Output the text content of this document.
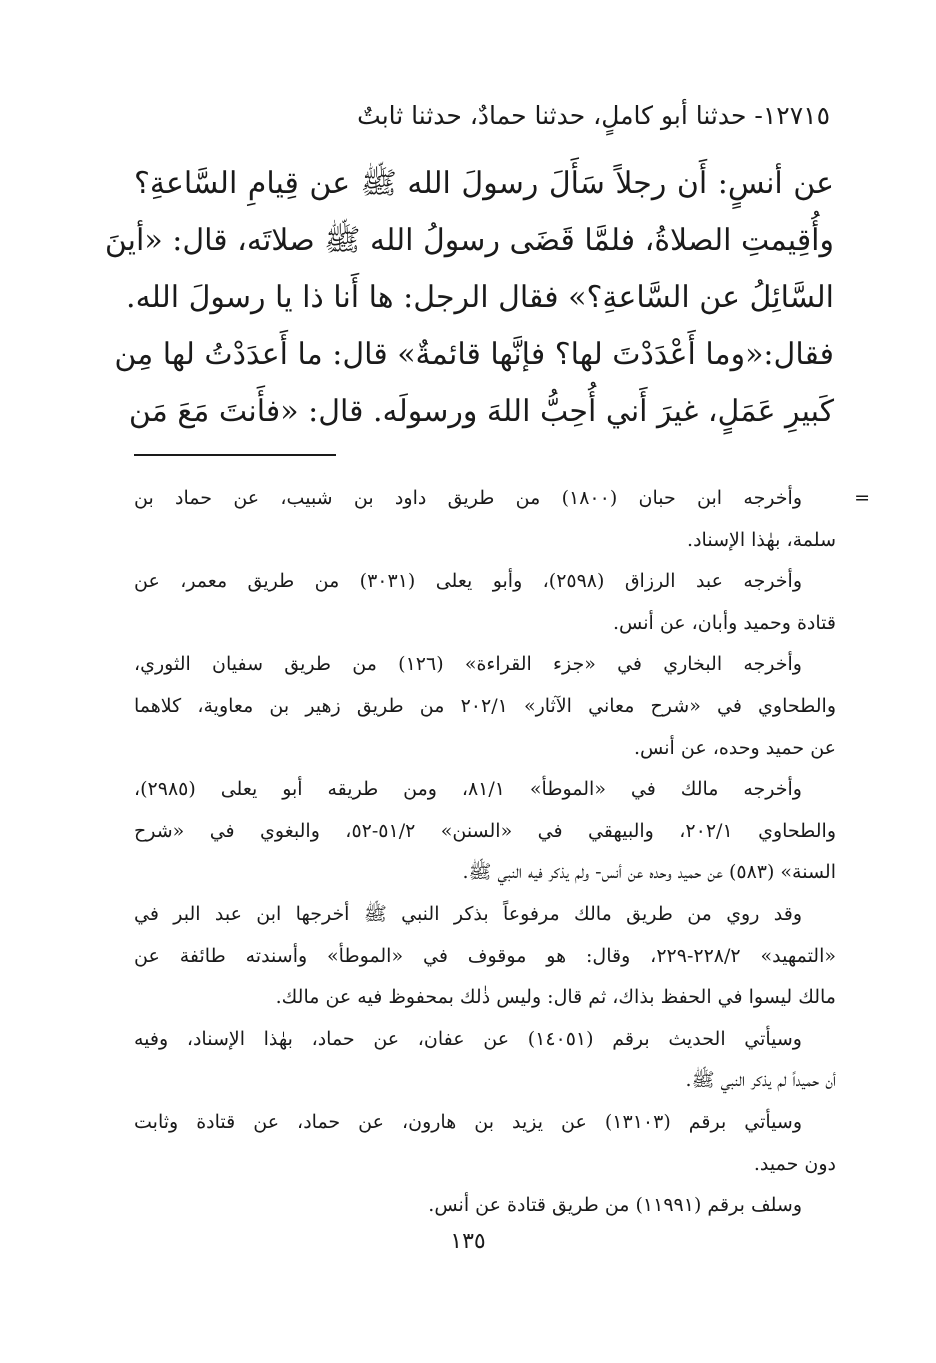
١٢٧١٥- حدثنا أبو كاملٍ، حدثنا حمادٌ، حدثنا ثابتٌ
عن أنسٍ: أَن رجلاً سَأَلَ رسولَ الله ﷺ عن قِيامِ السَّاعةِ؟
وأُقِيمتِ الصلاةُ، فلمَّا قَضَى رسولُ الله ﷺ صلاتَه، قال: «أينَ
السَّائِلُ عن السَّاعةِ؟» فقال الرجل: ها أَنا ذا يا رسولَ الله.
فقال:«وما أَعْدَدْتَ لها؟ فإنَّها قائمةٌ» قال: ما أَعدَدْتُ لها مِن
كَبيرِ عَمَلٍ، غيرَ أَني أُحِبُّ اللهَ ورسولَه. قال: «فأَنتَ مَعَ مَن
=
وأخرجه ابن حبان (١٨٠٠) من طريق داود بن شبيب، عن حماد بن
سلمة، بهٰذا الإسناد.
وأخرجه عبد الرزاق (٢٥٩٨)، وأبو يعلى (٣٠٣١) من طريق معمر، عن
قتادة وحميد وأبان، عن أنس.
وأخرجه البخاري في «جزء القراءة» (١٢٦) من طريق سفيان الثوري،
والطحاوي في «شرح معاني الآثار» ٢٠٢/١ من طريق زهير بن معاوية، كلاهما
عن حميد وحده، عن أنس.
وأخرجه مالك في «الموطأ» ٨١/١، ومن طريقه أبو يعلى (٢٩٨٥)،
والطحاوي ٢٠٢/١، والبيهقي في «السنن» ٥١/٢-٥٢، والبغوي في «شرح
السنة» (٥٨٣) عن حميد وحده عن أنس- ولم يذكر فيه النبي ﷺ.
وقد روي من طريق مالك مرفوعاً بذكر النبي ﷺ أخرجها ابن عبد البر في
«التمهيد» ٢٢٨/٢-٢٢٩، وقال: هو موقوف في «الموطأ» وأسندته طائفة عن
مالك ليسوا في الحفظ بذاك، ثم قال: وليس ذٰلك بمحفوظ فيه عن مالك.
وسيأتي الحديث برقم (١٤٠٥١) عن عفان، عن حماد، بهٰذا الإسناد، وفيه
أن حميداً لم يذكر النبي ﷺ.
وسيأتي برقم (١٣١٠٣) عن يزيد بن هارون، عن حماد، عن قتادة وثابت
دون حميد.
وسلف برقم (١١٩٩١) من طريق قتادة عن أنس.
١٣٥
